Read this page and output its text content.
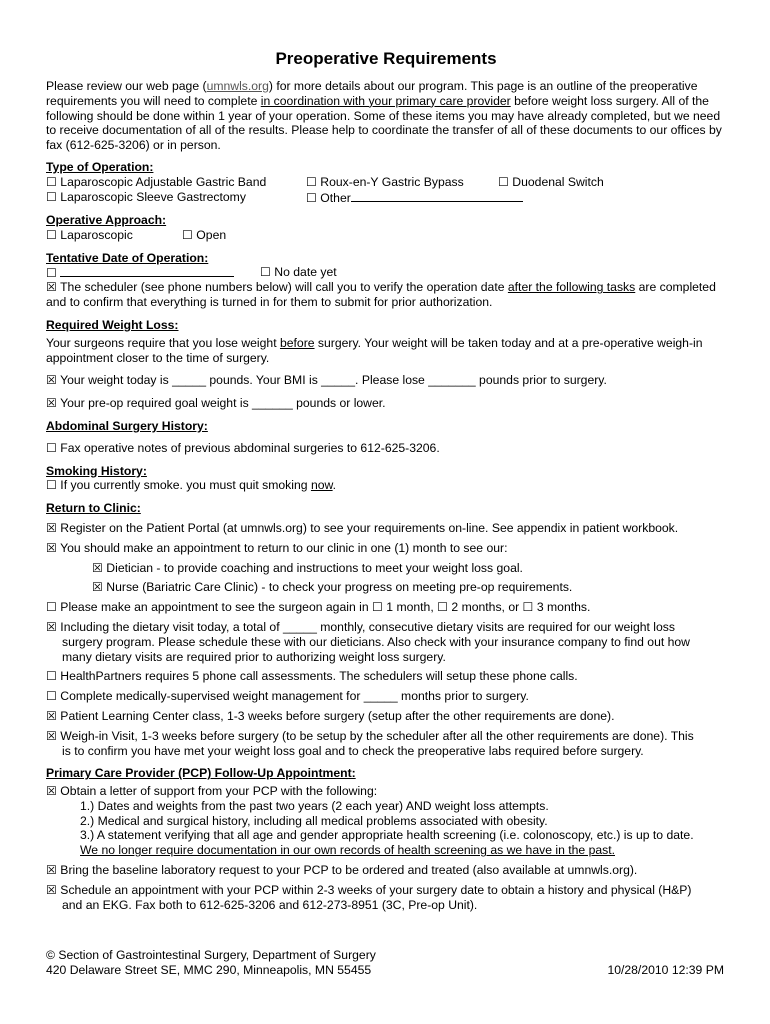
Preoperative Requirements

Please review our web page (umnwls.org) for more details about our program. This page is an outline of the preoperative requirements you will need to complete in coordination with your primary care provider before weight loss surgery. All of the following should be done within 1 year of your operation. Some of these items you may have already completed, but we need to receive documentation of all of the results. Please help to coordinate the transfer of all of these documents to our offices by fax (612-625-3206) or in person.

Type of Operation:
☐ Laparoscopic Adjustable Gastric Band	☐ Roux-en-Y Gastric Bypass	☐ Duodenal Switch
☐ Laparoscopic Sleeve Gastrectomy	☐ Other
Operative Approach:
☐ Laparoscopic	☐ Open
Tentative Date of Operation:
☐	☐ No date yet

☒ The scheduler (see phone numbers below) will call you to verify the operation date after the following tasks are completed and to confirm that everything is turned in for them to submit for prior authorization.

Required Weight Loss:

Your surgeons require that you lose weight before surgery. Your weight will be taken today and at a pre-operative weigh-in appointment closer to the time of surgery.

☒ Your weight today is _____ pounds. Your BMI is _____. Please lose _______ pounds prior to surgery.

☒ Your pre-op required goal weight is ______ pounds or lower.

Abdominal Surgery History:

☐ Fax operative notes of previous abdominal surgeries to 612-625-3206.

Smoking History:

☐ If you currently smoke. you must quit smoking now.

Return to Clinic:

☒ Register on the Patient Portal (at umnwls.org) to see your requirements on-line. See appendix in patient workbook.

☒ You should make an appointment to return to our clinic in one (1) month to see our:

☒ Dietician - to provide coaching and instructions to meet your weight loss goal.

☒ Nurse (Bariatric Care Clinic) - to check your progress on meeting pre-op requirements.

☐ Please make an appointment to see the surgeon again in ☐ 1 month, ☐ 2 months, or ☐ 3 months.

☒ Including the dietary visit today, a total of _____ monthly, consecutive dietary visits are required for our weight loss

surgery program. Please schedule these with our dieticians. Also check with your insurance company to find out how

many dietary visits are required prior to authorizing weight loss surgery.

☐ HealthPartners requires 5 phone call assessments. The schedulers will setup these phone calls.

☐ Complete medically-supervised weight management for _____ months prior to surgery.

☒ Patient Learning Center class, 1-3 weeks before surgery (setup after the other requirements are done).

☒ Weigh-in Visit, 1-3 weeks before surgery (to be setup by the scheduler after all the other requirements are done). This

is to confirm you have met your weight loss goal and to check the preoperative labs required before surgery.

Primary Care Provider (PCP) Follow-Up Appointment:

☒ Obtain a letter of support from your PCP with the following:

1.) Dates and weights from the past two years (2 each year) AND weight loss attempts.

2.) Medical and surgical history, including all medical problems associated with obesity.

3.) A statement verifying that all age and gender appropriate health screening (i.e. colonoscopy, etc.) is up to date.

We no longer require documentation in our own records of health screening as we have in the past.

☒ Bring the baseline laboratory request to your PCP to be ordered and treated (also available at umnwls.org).

☒ Schedule an appointment with your PCP within 2-3 weeks of your surgery date to obtain a history and physical (H&P)

and an EKG. Fax both to 612-625-3206 and 612-273-8951 (3C, Pre-op Unit).

© Section of Gastrointestinal Surgery, Department of Surgery

420 Delaware Street SE, MMC 290, Minneapolis, MN 55455	10/28/2010 12:39 PM
